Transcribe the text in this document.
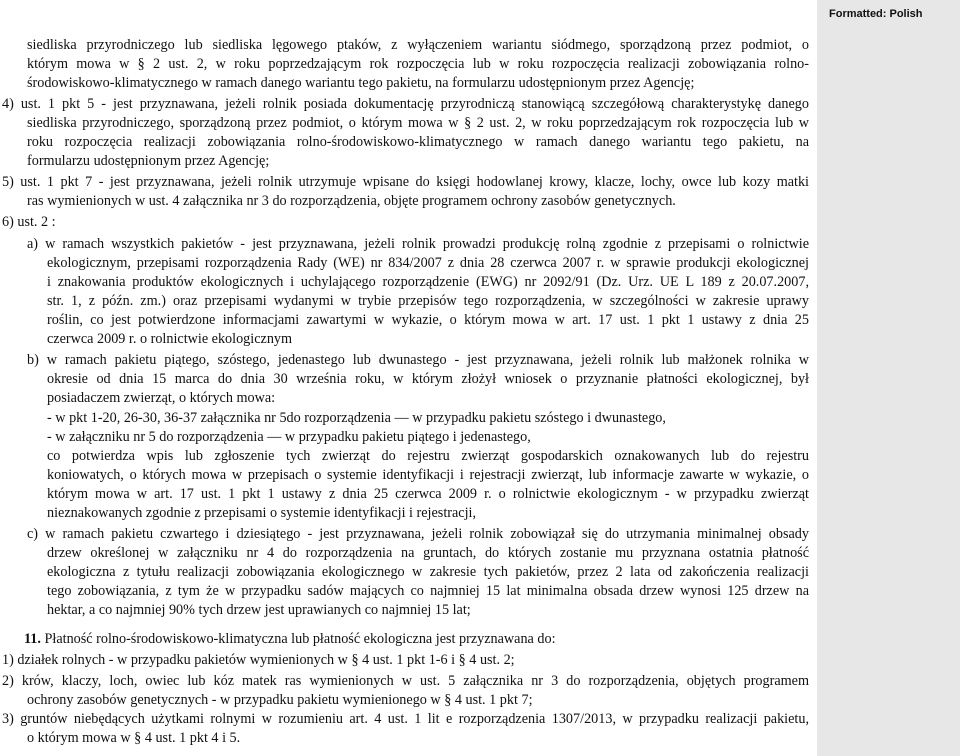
siedliska przyrodniczego lub siedliska lęgowego ptaków, z wyłączeniem wariantu siódmego, sporządzoną przez podmiot, o
którym mowa w § 2 ust. 2, w roku poprzedzającym rok rozpoczęcia lub w roku rozpoczęcia realizacji zobowiązania rolno-
środowiskowo-klimatycznego w ramach danego wariantu tego pakietu, na formularzu udostępnionym przez Agencję;
4) ust. 1 pkt 5 - jest przyznawana, jeżeli rolnik posiada dokumentację przyrodniczą stanowiącą szczegółową charakterystykę danego
siedliska przyrodniczego, sporządzoną przez podmiot, o którym mowa w § 2 ust. 2, w roku poprzedzającym rok rozpoczęcia lub w
roku rozpoczęcia realizacji zobowiązania rolno-środowiskowo-klimatycznego w ramach danego wariantu tego pakietu, na
formularzu udostępnionym przez Agencję;
5) ust. 1 pkt 7 - jest przyznawana, jeżeli rolnik utrzymuje wpisane do księgi hodowlanej krowy, klacze, lochy, owce lub kozy matki
ras wymienionych w ust. 4 załącznika nr 3 do rozporządzenia, objęte programem ochrony zasobów genetycznych.
6) ust. 2 :
a) w ramach wszystkich pakietów - jest przyznawana, jeżeli rolnik prowadzi produkcję rolną zgodnie z przepisami o rolnictwie
ekologicznym, przepisami rozporządzenia Rady (WE) nr 834/2007 z dnia 28 czerwca 2007 r. w sprawie produkcji ekologicznej
i znakowania produktów ekologicznych i uchylającego rozporządzenie (EWG) nr 2092/91 (Dz. Urz. UE L 189 z 20.07.2007,
str. 1, z późn. zm.) oraz przepisami wydanymi w trybie przepisów tego rozporządzenia, w szczególności w zakresie uprawy
roślin, co jest potwierdzone informacjami zawartymi w wykazie, o którym mowa w art. 17 ust. 1 pkt 1 ustawy z dnia 25
czerwca 2009 r. o rolnictwie ekologicznym
b) w ramach pakietu piątego, szóstego, jedenastego lub dwunastego - jest przyznawana, jeżeli rolnik lub małżonek rolnika w
okresie od dnia 15 marca do dnia 30 września roku, w którym złożył wniosek o przyznanie płatności ekologicznej, był
posiadaczem zwierząt, o których mowa:
- w pkt 1-20, 26-30, 36-37 załącznika nr 5do rozporządzenia — w przypadku pakietu szóstego i dwunastego,
- w załączniku nr 5 do rozporządzenia — w przypadku pakietu piątego i jedenastego,
co potwierdza wpis lub zgłoszenie tych zwierząt do rejestru zwierząt gospodarskich oznakowanych lub do rejestru
koniowatych, o których mowa w przepisach o systemie identyfikacji i rejestracji zwierząt, lub informacje zawarte w wykazie, o
którym mowa w art. 17 ust. 1 pkt 1 ustawy z dnia 25 czerwca 2009 r. o rolnictwie ekologicznym - w przypadku zwierząt
nieznakowanych zgodnie z przepisami o systemie identyfikacji i rejestracji,
c) w ramach pakietu czwartego i dziesiątego - jest przyznawana, jeżeli rolnik zobowiązał się do utrzymania minimalnej obsady
drzew określonej w załączniku nr 4 do rozporządzenia na gruntach, do których zostanie mu przyznana ostatnia płatność
ekologiczna z tytułu realizacji zobowiązania ekologicznego w zakresie tych pakietów, przez 2 lata od zakończenia realizacji
tego zobowiązania, z tym że w przypadku sadów mających co najmniej 15 lat minimalna obsada drzew wynosi 125 drzew na
hektar, a co najmniej 90% tych drzew jest uprawianych co najmniej 15 lat;
11. Płatność rolno-środowiskowo-klimatyczna lub płatność ekologiczna jest przyznawana do:
1) działek rolnych - w przypadku pakietów wymienionych w § 4 ust. 1 pkt 1-6 i § 4 ust. 2;
2) krów, klaczy, loch, owiec lub kóz matek ras wymienionych w ust. 5 załącznika nr 3 do rozporządzenia, objętych programem
ochrony zasobów genetycznych - w przypadku pakietu wymienionego w § 4 ust. 1 pkt 7;
3) gruntów niebędących użytkami rolnymi w rozumieniu art. 4 ust. 1 lit e rozporządzenia 1307/2013, w przypadku realizacji pakietu,
o którym mowa w § 4 ust. 1 pkt 4 i 5.
Formatted: Polish
